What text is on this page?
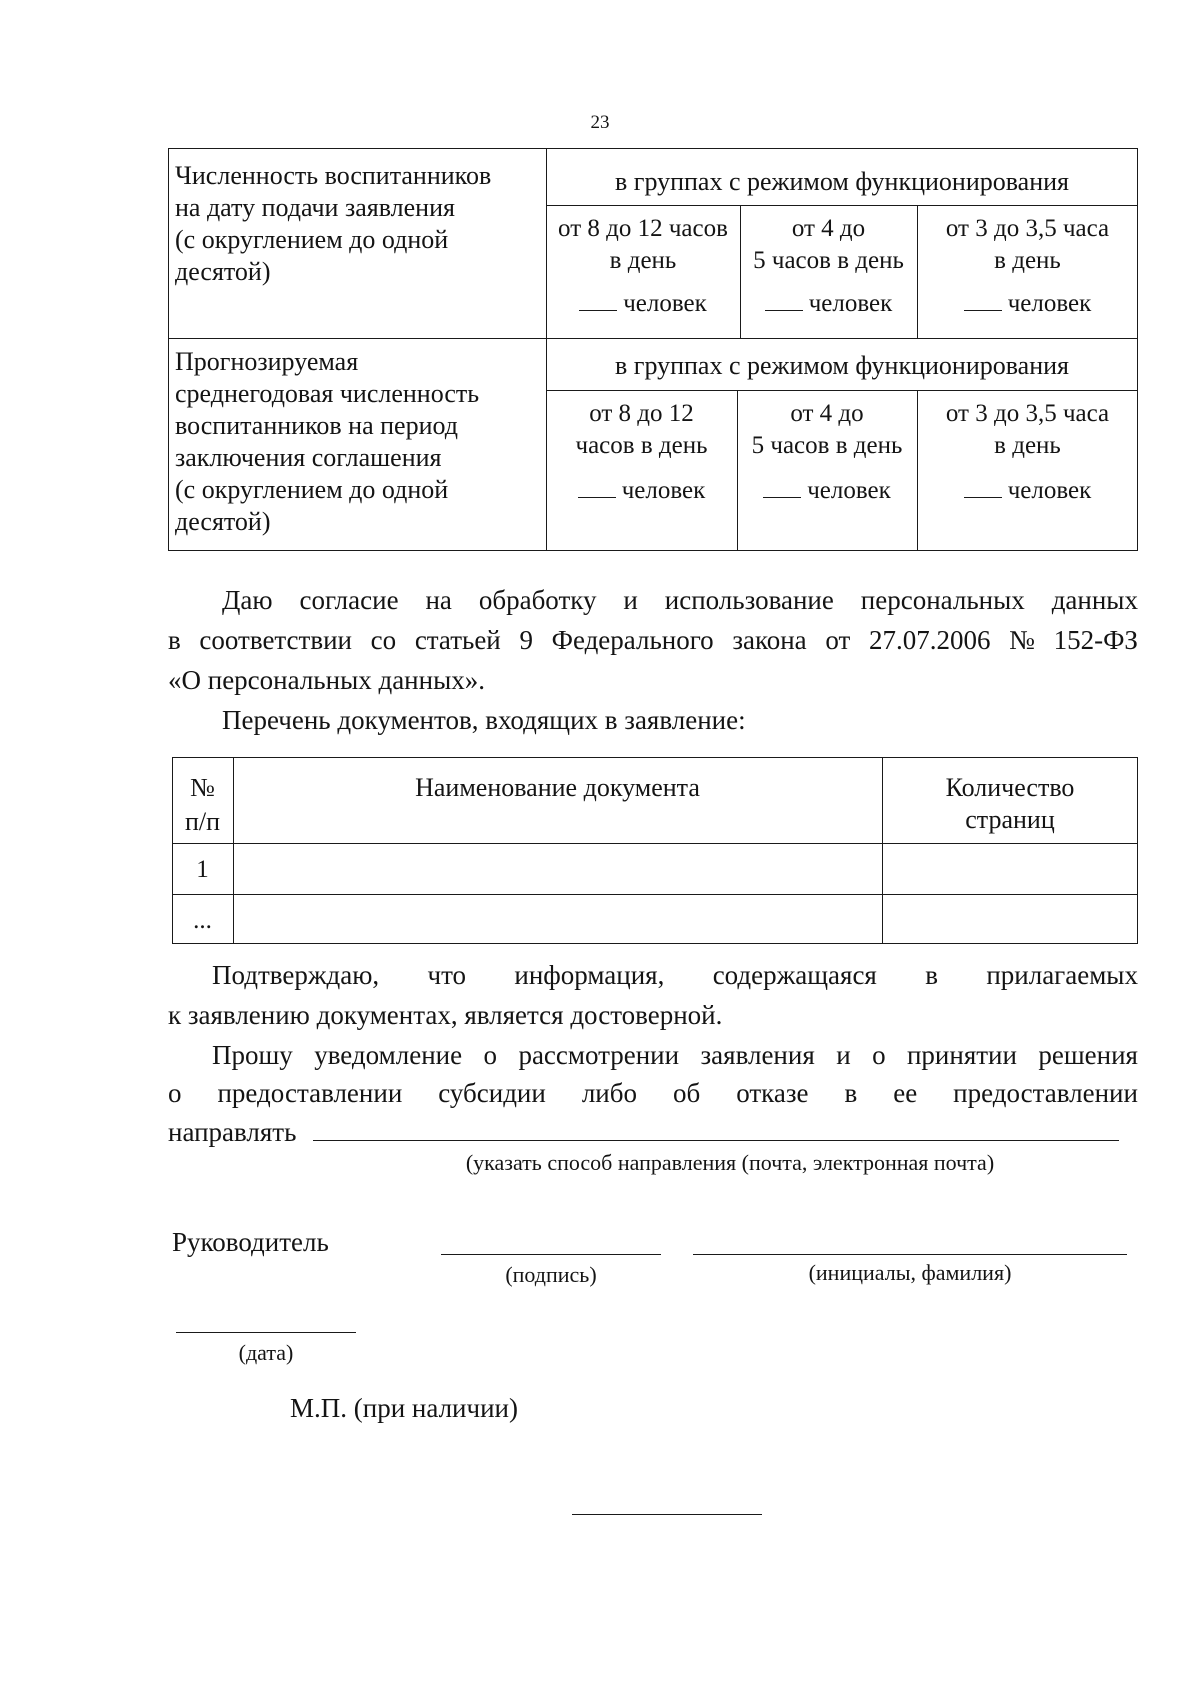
23
Численность воспитанников
на дату подачи заявления
(с округлением до одной
десятой)
в группах с режимом функционирования
от 8 до 12 часов
в день
человек
от 4 до
5 часов в день
человек
от 3 до 3,5 часа
в день
человек
Прогнозируемая
среднегодовая численность
воспитанников на период
заключения соглашения
(с округлением до одной
десятой)
в группах с режимом функционирования
от 8 до 12
часов в день
человек
от 4 до
5 часов в день
человек
от 3 до 3,5 часа
в день
человек
Даю согласие на обработку и использование персональных данных
в соответствии со статьей 9 Федерального закона от 27.07.2006 № 152-ФЗ
«О персональных данных».
Перечень документов, входящих в заявление:
№
п/п
Наименование документа	Количество
страниц
1
...
Подтверждаю, что информация, содержащаяся в прилагаемых
к заявлению документах, является достоверной.
Прошу уведомление о рассмотрении заявления и о принятии решения
о предоставлении субсидии либо об отказе в ее предоставлении
направлять
(указать способ направления (почта, электронная почта)
Руководитель
(подпись)	(инициалы, фамилия)
(дата)
М.П. (при наличии)
